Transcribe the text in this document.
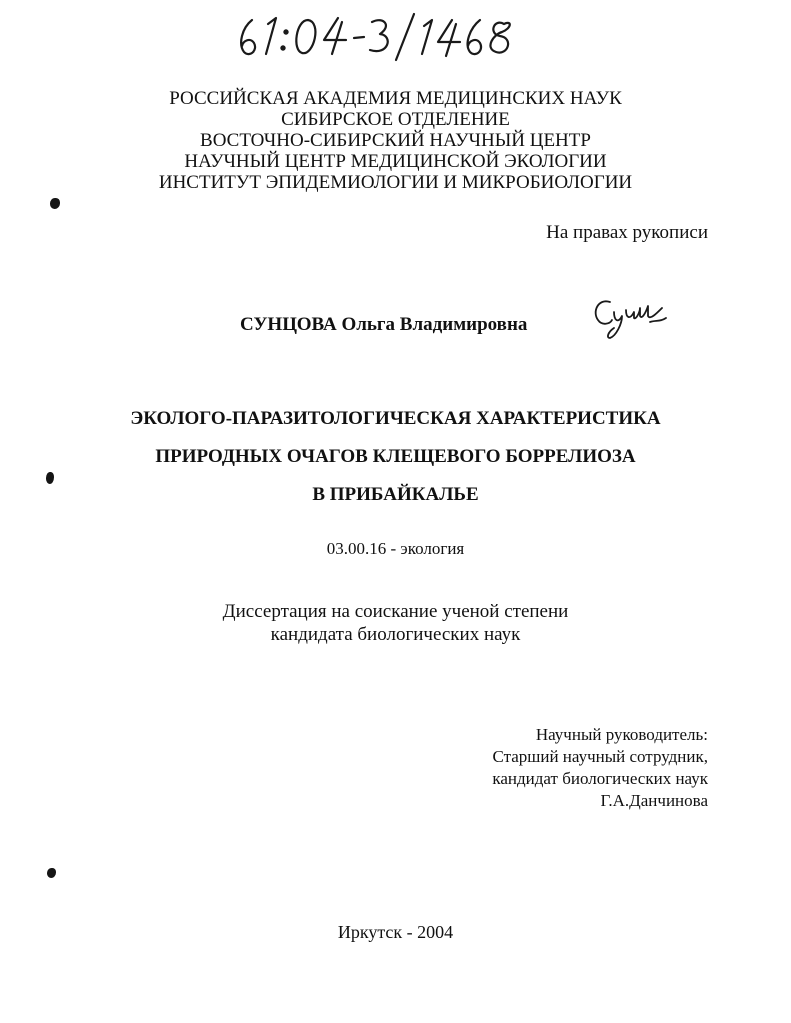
РОССИЙСКАЯ АКАДЕМИЯ МЕДИЦИНСКИХ НАУК
СИБИРСКОЕ ОТДЕЛЕНИЕ
ВОСТОЧНО-СИБИРСКИЙ НАУЧНЫЙ ЦЕНТР
НАУЧНЫЙ ЦЕНТР МЕДИЦИНСКОЙ ЭКОЛОГИИ
ИНСТИТУТ ЭПИДЕМИОЛОГИИ И МИКРОБИОЛОГИИ
На правах рукописи
СУНЦОВА Ольга Владимировна
ЭКОЛОГО-ПАРАЗИТОЛОГИЧЕСКАЯ ХАРАКТЕРИСТИКА
ПРИРОДНЫХ ОЧАГОВ КЛЕЩЕВОГО БОРРЕЛИОЗА
В ПРИБАЙКАЛЬЕ
03.00.16 - экология
Диссертация на соискание ученой степени
кандидата биологических наук
Научный руководитель:
Старший научный сотрудник,
кандидат биологических наук
Г.А.Данчинова
Иркутск - 2004
